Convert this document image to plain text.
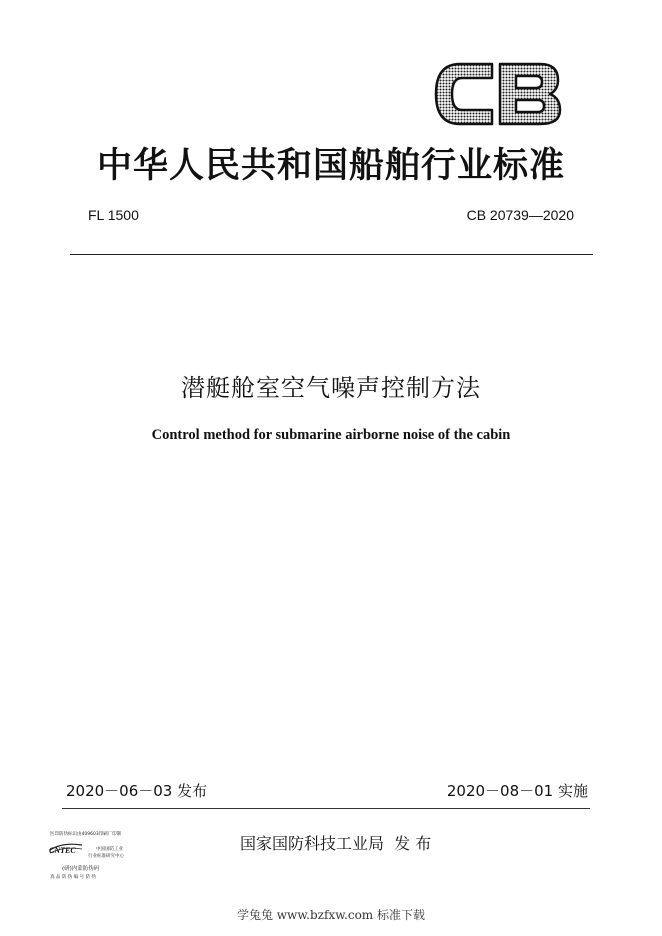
中华人民共和国船舶行业标准
FL 1500	CB 20739—2020
潜艇舱室空气噪声控制方法
Control method for submarine airborne noise of the cabin
2020－06－03 发布	2020－08－01 实施
医印防伪标识由409603印刷厂印制
CNTEC	中国国防工业
行业标准研究中心
(研)内蒙防伪码
真 品 防 伪 编 号 防 伪
国家国防科技工业局  发 布
学兔兔 www.bzfxw.com 标准下载
